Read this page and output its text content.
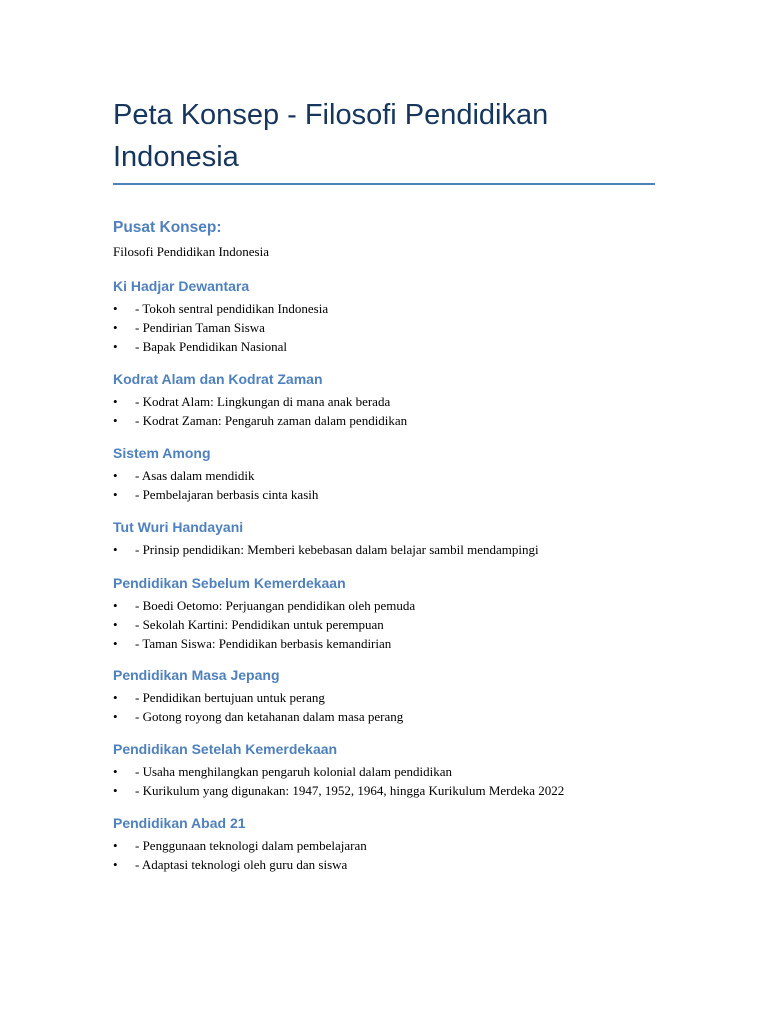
Peta Konsep - Filosofi Pendidikan Indonesia
Pusat Konsep:
Filosofi Pendidikan Indonesia
Ki Hadjar Dewantara
• - Tokoh sentral pendidikan Indonesia
• - Pendirian Taman Siswa
• - Bapak Pendidikan Nasional
Kodrat Alam dan Kodrat Zaman
• - Kodrat Alam: Lingkungan di mana anak berada
• - Kodrat Zaman: Pengaruh zaman dalam pendidikan
Sistem Among
• - Asas dalam mendidik
• - Pembelajaran berbasis cinta kasih
Tut Wuri Handayani
• - Prinsip pendidikan: Memberi kebebasan dalam belajar sambil mendampingi
Pendidikan Sebelum Kemerdekaan
• - Boedi Oetomo: Perjuangan pendidikan oleh pemuda
• - Sekolah Kartini: Pendidikan untuk perempuan
• - Taman Siswa: Pendidikan berbasis kemandirian
Pendidikan Masa Jepang
• - Pendidikan bertujuan untuk perang
• - Gotong royong dan ketahanan dalam masa perang
Pendidikan Setelah Kemerdekaan
• - Usaha menghilangkan pengaruh kolonial dalam pendidikan
• - Kurikulum yang digunakan: 1947, 1952, 1964, hingga Kurikulum Merdeka 2022
Pendidikan Abad 21
• - Penggunaan teknologi dalam pembelajaran
• - Adaptasi teknologi oleh guru dan siswa
